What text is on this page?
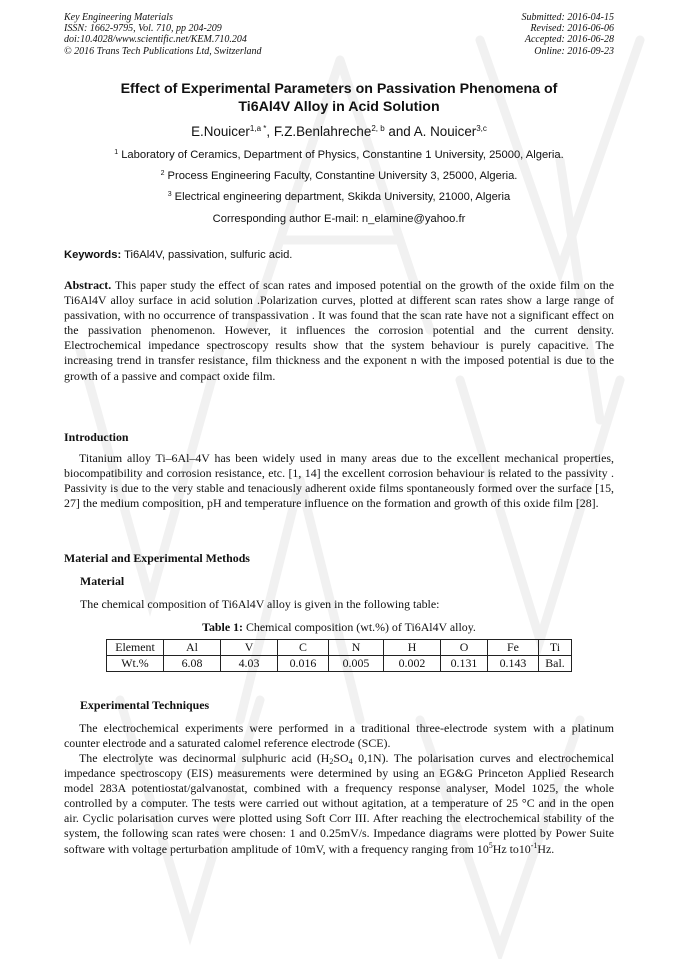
Key Engineering Materials
ISSN: 1662-9795, Vol. 710, pp 204-209
doi:10.4028/www.scientific.net/KEM.710.204
© 2016 Trans Tech Publications Ltd, Switzerland
Submitted: 2016-04-15
Revised: 2016-06-06
Accepted: 2016-06-28
Online: 2016-09-23
Effect of Experimental Parameters on Passivation Phenomena of
Ti6Al4V Alloy in Acid Solution
E.Nouicer$^{1,a *}$, F.Z.Benlahreche$^{2, b}$ and A. Nouicer$^{3,c}$
$^1$ Laboratory of Ceramics, Department of Physics, Constantine 1 University, 25000, Algeria.
$^2$ Process Engineering Faculty, Constantine University 3, 25000, Algeria.
$^3$ Electrical engineering department, Skikda University, 21000, Algeria
Corresponding author E-mail: n_elamine@yahoo.fr
Keywords: Ti6Al4V, passivation, sulfuric acid.
Abstract. This paper study the effect of scan rates and imposed potential on the growth of the oxide film on the Ti6Al4V alloy surface in acid solution .Polarization curves, plotted at different scan rates show a large range of passivation, with no occurrence of transpassivation . It was found that the scan rate have not a significant effect on the passivation phenomenon. However, it influences the corrosion potential and the current density. Electrochemical impedance spectroscopy results show that the system behaviour is purely capacitive. The increasing trend in transfer resistance, film thickness and the exponent n with the imposed potential is due to the growth of a passive and compact oxide film.
Introduction
Titanium alloy Ti–6Al–4V has been widely used in many areas due to the excellent mechanical properties, biocompatibility and corrosion resistance, etc. [1, 14] the excellent corrosion behaviour is related to the passivity . Passivity is due to the very stable and tenaciously adherent oxide films spontaneously formed over the surface [15, 27] the medium composition, pH and temperature influence on the formation and growth of this oxide film [28].
Material and Experimental Methods
Material
The chemical composition of Ti6Al4V alloy is given in the following table:
Table 1: Chemical composition (wt.%) of Ti6Al4V alloy.
Element	Al	V	C	N	H	O	Fe	Ti
Wt.%	6.08	4.03	0.016	0.005	0.002	0.131	0.143	Bal.
Experimental Techniques
The electrochemical experiments were performed in a traditional three-electrode system with a platinum counter electrode and a saturated calomel reference electrode (SCE).
The electrolyte was decinormal sulphuric acid ($H_2SO_4$ 0,1N). The polarisation curves and electrochemical impedance spectroscopy (EIS) measurements were determined by using an EG&G Princeton Applied Research model 283A potentiostat/galvanostat, combined with a frequency response analyser, Model 1025, the whole controlled by a computer. The tests were carried out without agitation, at a temperature of 25 °C and in the open air. Cyclic polarisation curves were plotted using Soft Corr III. After reaching the electrochemical stability of the system, the following scan rates were chosen: 1 and 0.25mV/s. Impedance diagrams were plotted by Power Suite software with voltage perturbation amplitude of 10mV, with a frequency ranging from $10^5Hz$ $to10^{-1}Hz$.
